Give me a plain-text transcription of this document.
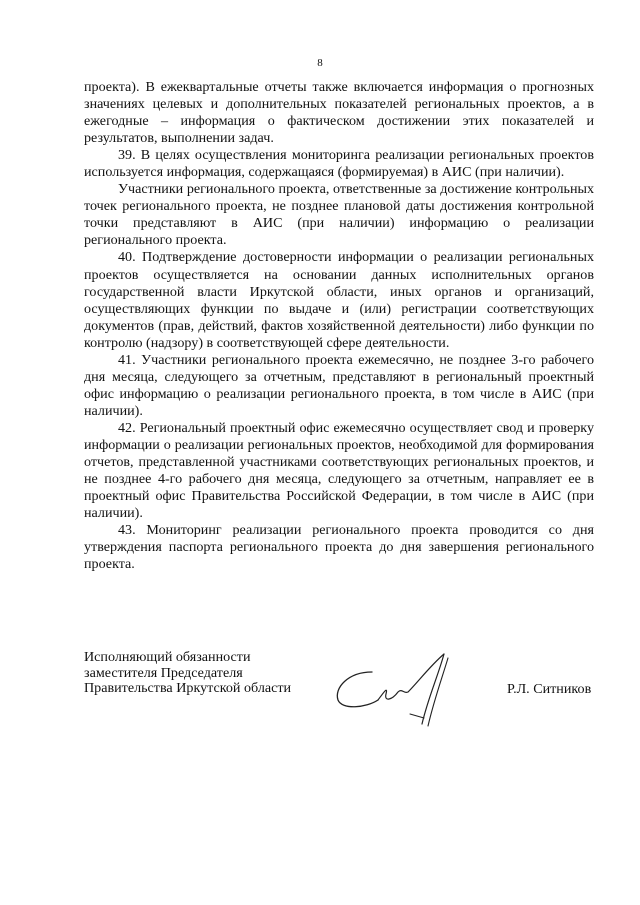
8

проекта). В ежеквартальные отчеты также включается информация о прогнозных значениях целевых и дополнительных показателей региональных проектов, а в ежегодные – информация о фактическом достижении этих показателей и результатов, выполнении задач.

39. В целях осуществления мониторинга реализации региональных проектов используется информация, содержащаяся (формируемая) в АИС (при наличии).

Участники регионального проекта, ответственные за достижение контрольных точек регионального проекта, не позднее плановой даты достижения контрольной точки представляют в АИС (при наличии) информацию о реализации регионального проекта.

40. Подтверждение достоверности информации о реализации региональных проектов осуществляется на основании данных исполнительных органов государственной власти Иркутской области, иных органов и организаций, осуществляющих функции по выдаче и (или) регистрации соответствующих документов (прав, действий, фактов хозяйственной деятельности) либо функции по контролю (надзору) в соответствующей сфере деятельности.

41. Участники регионального проекта ежемесячно, не позднее 3-го рабочего дня месяца, следующего за отчетным, представляют в региональный проектный офис информацию о реализации регионального проекта, в том числе в АИС (при наличии).

42. Региональный проектный офис ежемесячно осуществляет свод и проверку информации о реализации региональных проектов, необходимой для формирования отчетов, представленной участниками соответствующих региональных проектов, и не позднее 4-го рабочего дня месяца, следующего за отчетным, направляет ее в проектный офис Правительства Российской Федерации, в том числе в АИС (при наличии).

43. Мониторинг реализации регионального проекта проводится со дня утверждения паспорта регионального проекта до дня завершения регионального проекта.

Исполняющий обязанности
заместителя Председателя
Правительства Иркутской области	Р.Л. Ситников
